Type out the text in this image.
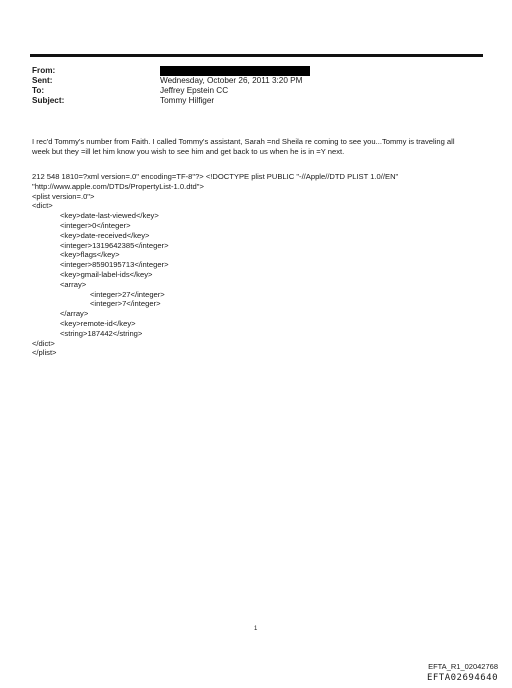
From:
Sent:	Wednesday, October 26, 2011 3:20 PM
To:	Jeffrey Epstein CC
Subject:	Tommy Hilfiger
I rec'd Tommy's number from Faith. I called Tommy's assistant, Sarah =nd Sheila re coming to see you...Tommy is traveling all week but they =ill let him know you wish to see him and get back to us when he is in =Y next.
212 548 1810=?xml version=.0" encoding=TF-8"?> <!DOCTYPE plist PUBLIC "-//Apple//DTD PLIST 1.0//EN"
"http://www.apple.com/DTDs/PropertyList-1.0.dtd">
<plist version=.0">
<dict>
<key>date-last-viewed</key>
<integer>0</integer>
<key>date-received</key>
<integer>1319642385</integer>
<key>flags</key>
<integer>8590195713</integer>
<key>gmail-label-ids</key>
<array>
<integer>27</integer>
<integer>7</integer>
</array>
<key>remote-id</key>
<string>187442</string>
</dict>
</plist>
1
EFTA_R1_02042768
EFTA02694640
